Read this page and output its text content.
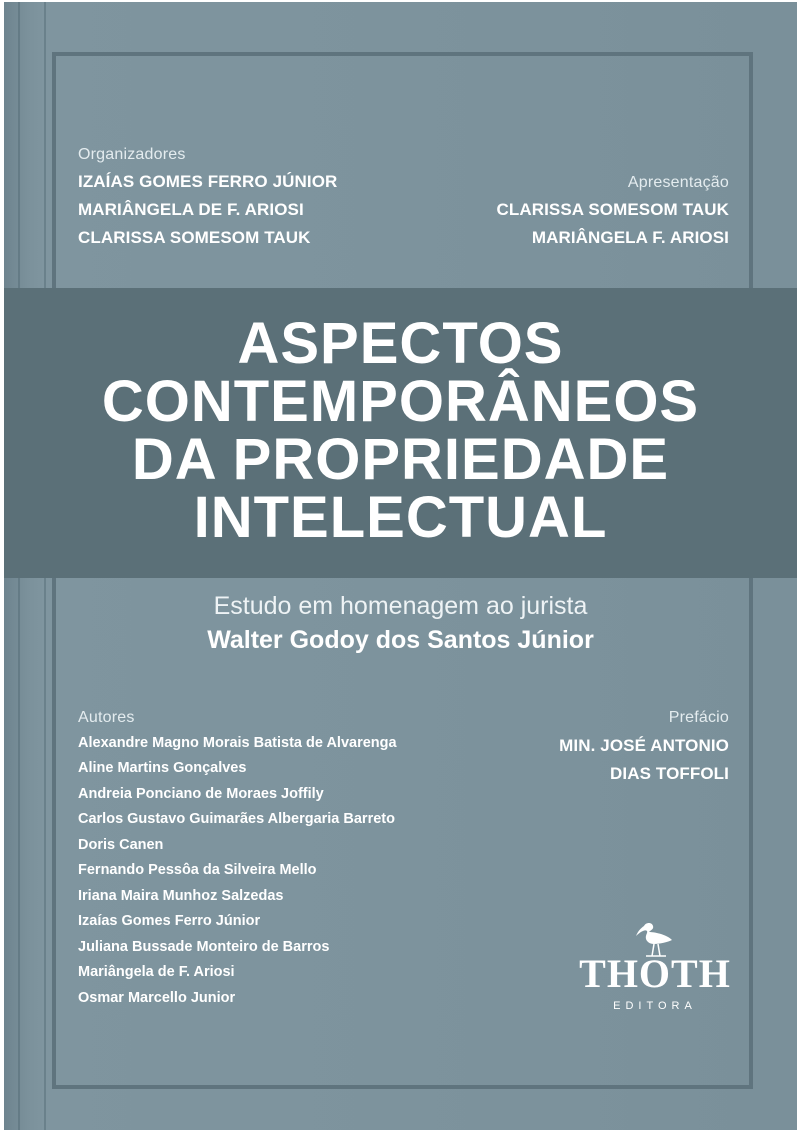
Organizadores
IZAÍAS GOMES FERRO JÚNIOR
MARIÂNGELA DE F. ARIOSI
CLARISSA SOMESOM TAUK
Apresentação
CLARISSA SOMESOM TAUK
MARIÂNGELA F. ARIOSI
ASPECTOS
CONTEMPORÂNEOS
DA PROPRIEDADE
INTELECTUAL
Estudo em homenagem ao jurista
Walter Godoy dos Santos Júnior
Autores
Alexandre Magno Morais Batista de Alvarenga
Aline Martins Gonçalves
Andreia Ponciano de Moraes Joffily
Carlos Gustavo Guimarães Albergaria Barreto
Doris Canen
Fernando Pessôa da Silveira Mello
Iriana Maira Munhoz Salzedas
Izaías Gomes Ferro Júnior
Juliana Bussade Monteiro de Barros
Mariângela de F. Ariosi
Osmar Marcello Junior
Prefácio
MIN. JOSÉ ANTONIO
DIAS TOFFOLI
THOTH
EDITORA
